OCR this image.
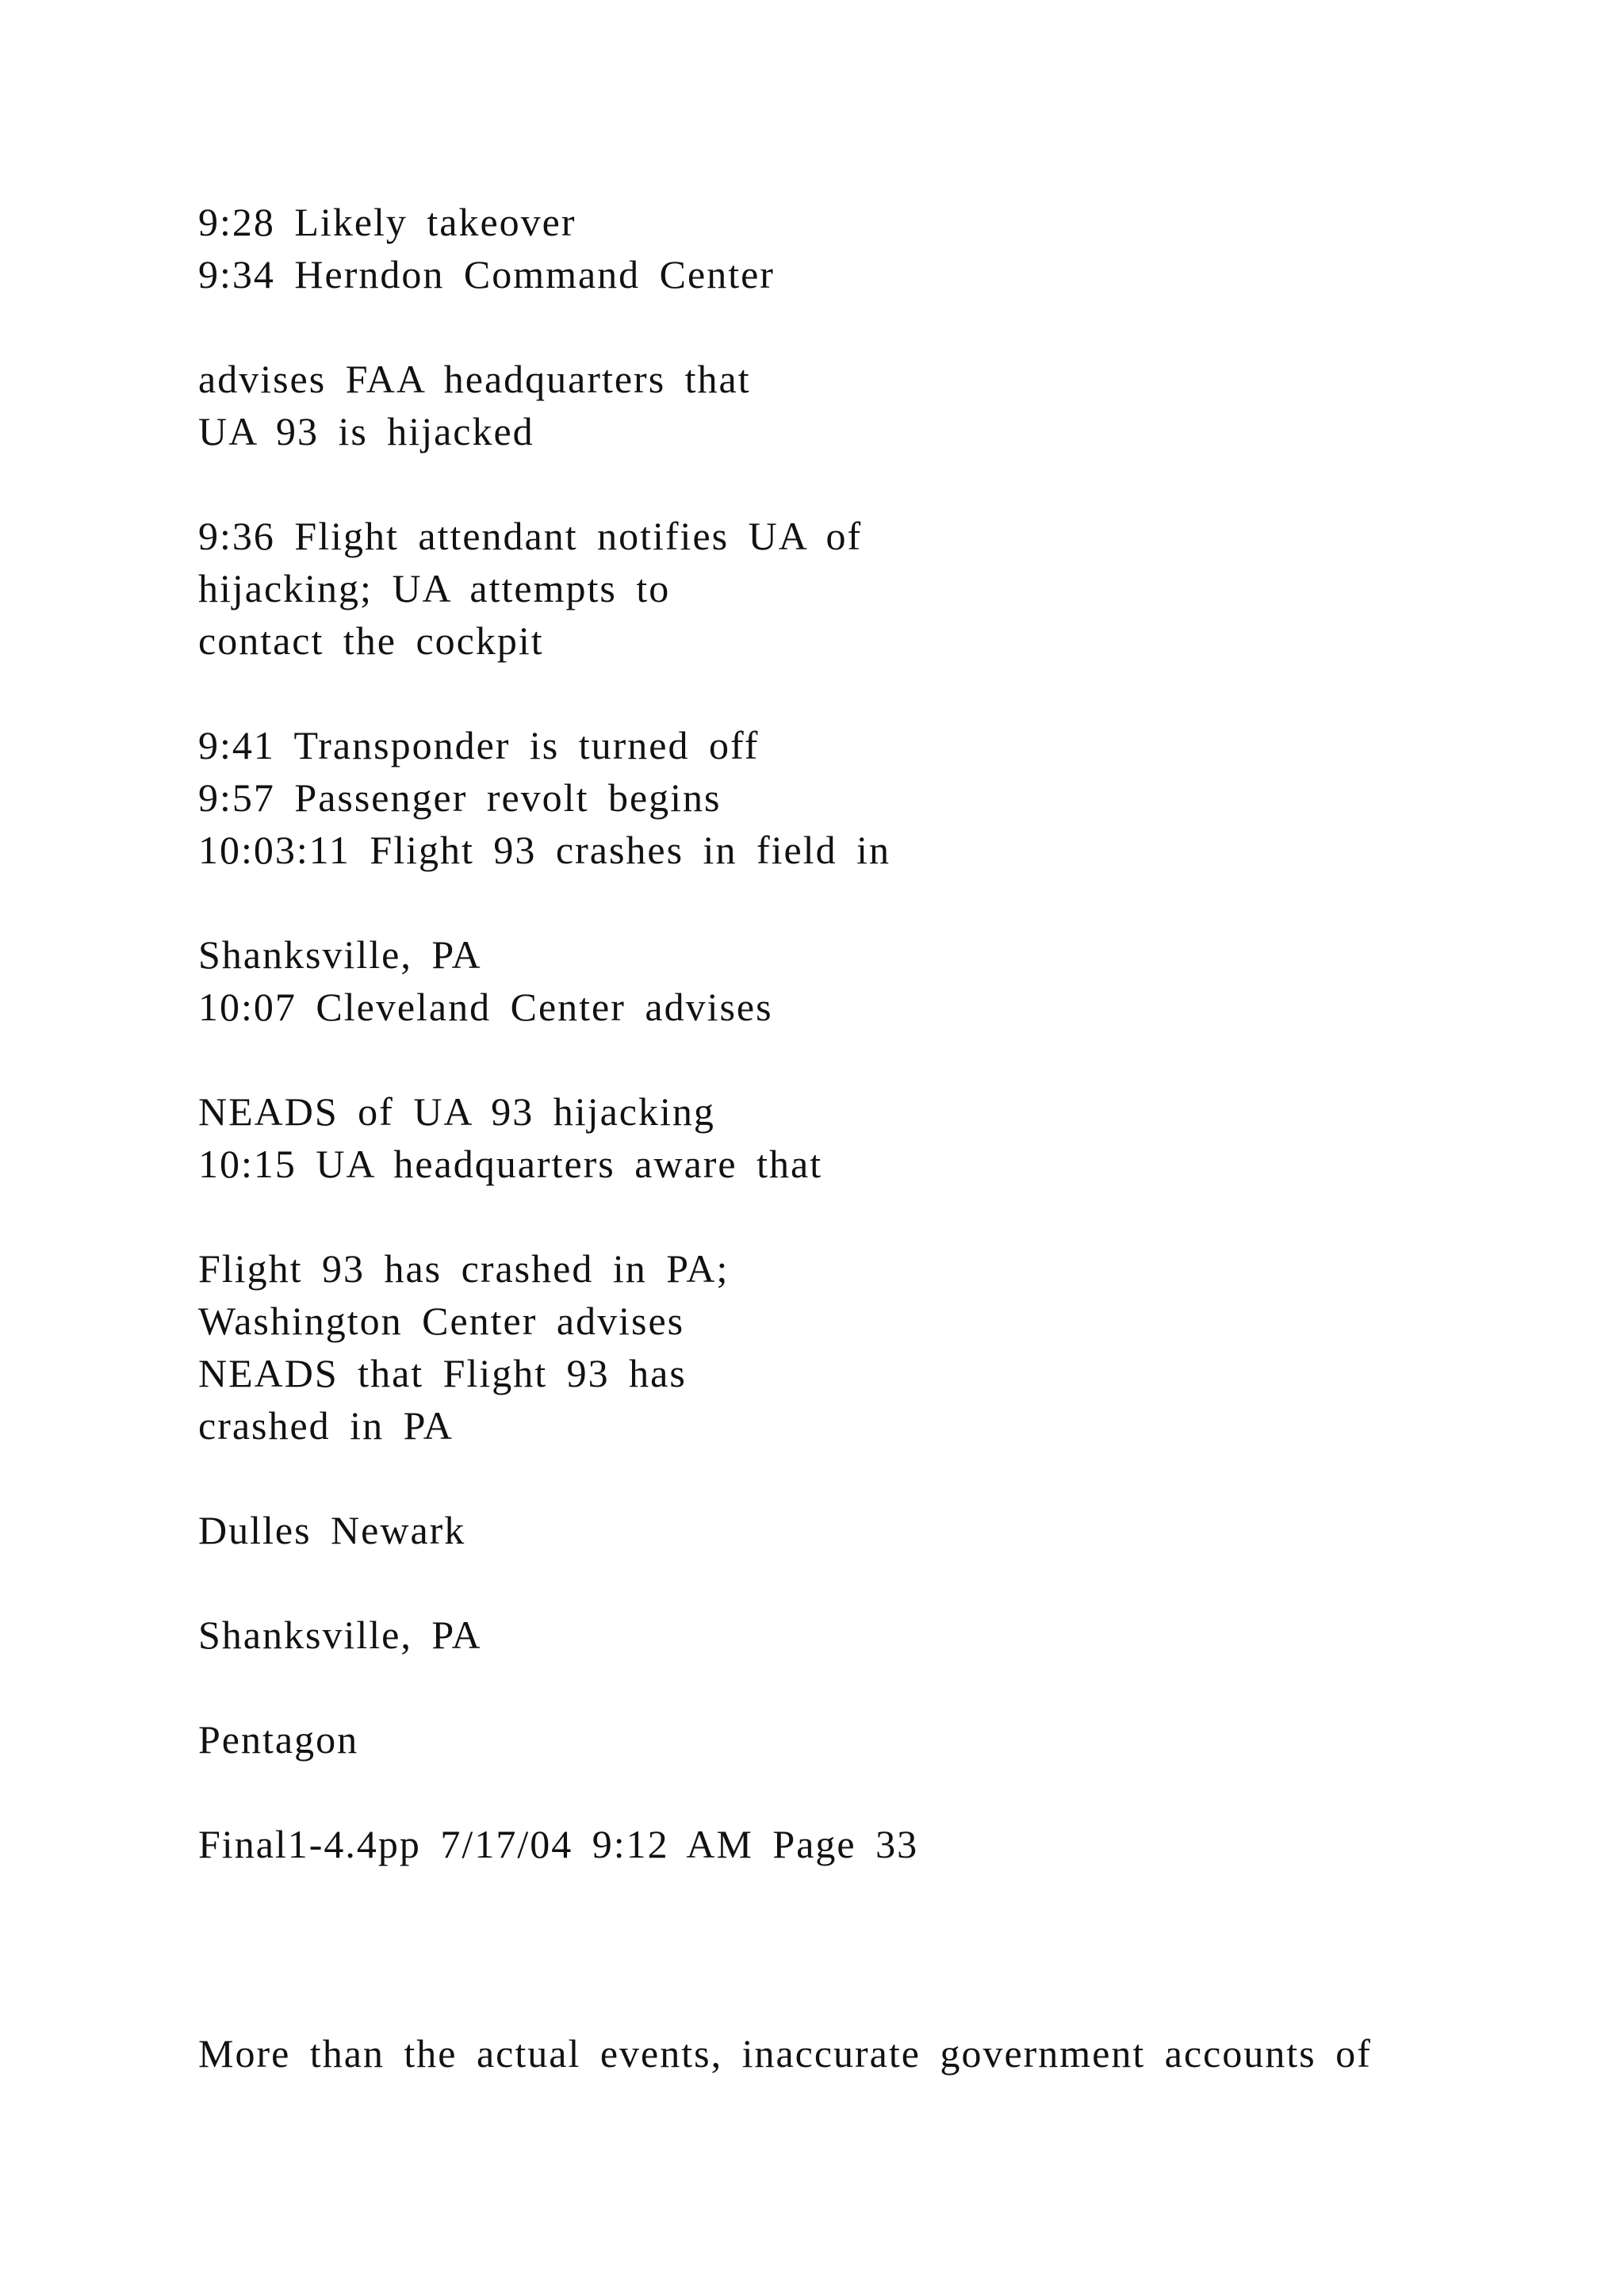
9:28 Likely takeover

9:34 Herndon Command Center

advises FAA headquarters that

UA 93 is hijacked

9:36 Flight attendant notifies UA of

hijacking; UA attempts to

contact the cockpit

9:41 Transponder is turned off

9:57 Passenger revolt begins

10:03:11 Flight 93 crashes in field in

Shanksville, PA

10:07 Cleveland Center advises

NEADS of UA 93 hijacking

10:15 UA headquarters aware that

Flight 93 has crashed in PA;

Washington Center advises

NEADS that Flight 93 has

crashed in PA

Dulles Newark

Shanksville, PA

Pentagon

Final1-4.4pp 7/17/04 9:12 AM Page 33

More than the actual events, inaccurate government accounts of
